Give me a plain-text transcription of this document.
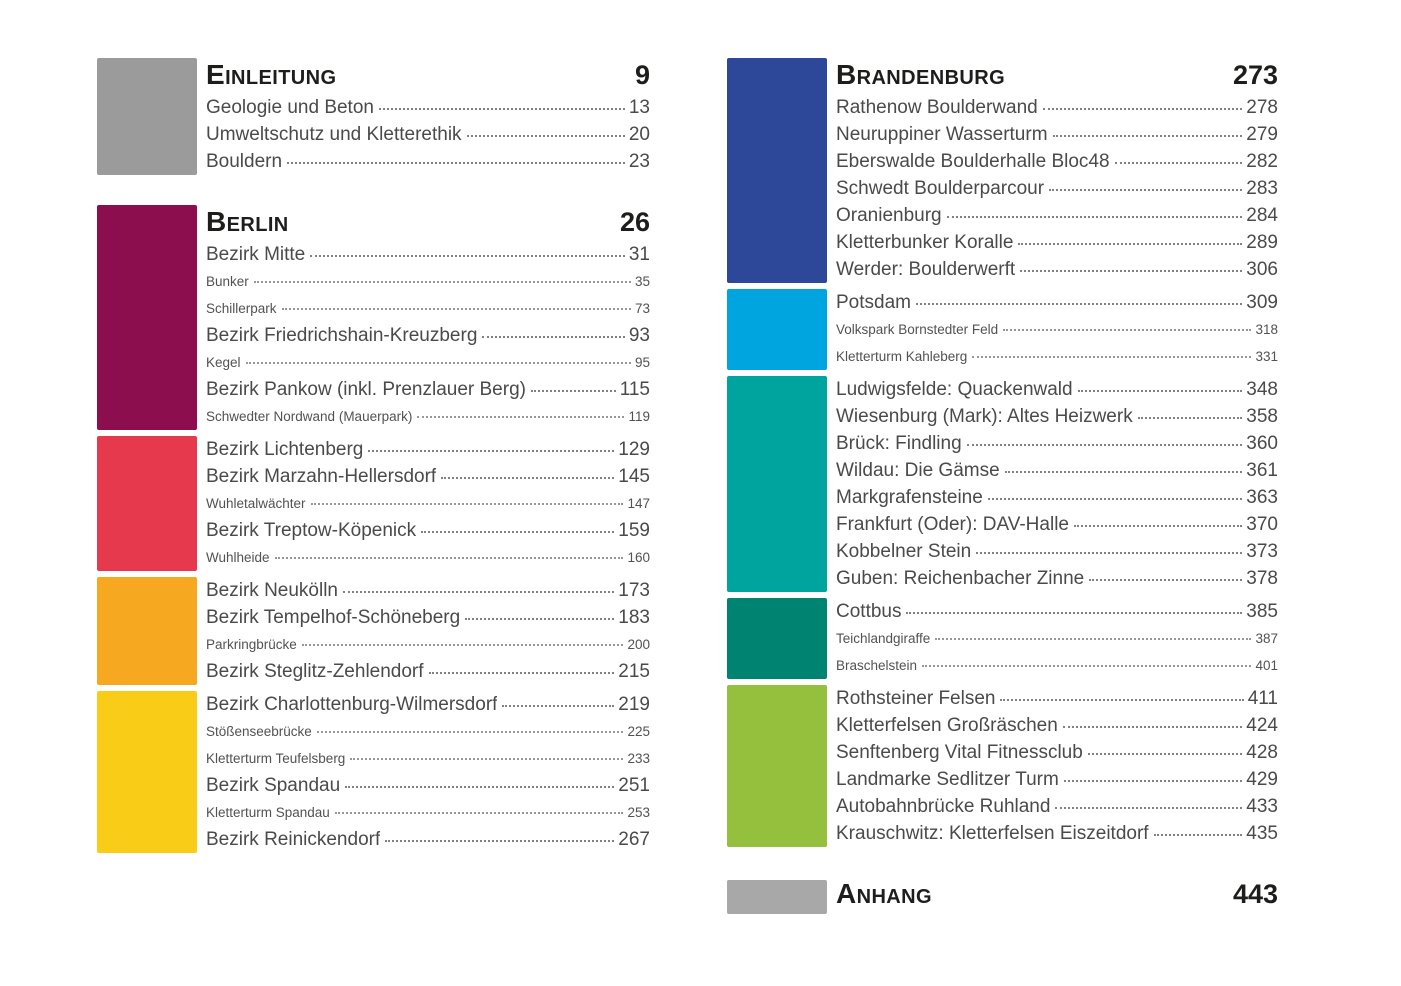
Einleitung	9
Geologie und Beton	13
Umweltschutz und Kletterethik	20
Bouldern	23
Berlin	26
Bezirk Mitte	31
Bunker	35
Schillerpark	73
Bezirk Friedrichshain-Kreuzberg	93
Kegel	95
Bezirk Pankow (inkl. Prenzlauer Berg)	115
Schwedter Nordwand (Mauerpark)	119
Bezirk Lichtenberg	129
Bezirk Marzahn-Hellersdorf	145
Wuhletalwächter	147
Bezirk Treptow-Köpenick	159
Wuhlheide	160
Bezirk Neukölln	173
Bezirk Tempelhof-Schöneberg	183
Parkringbrücke	200
Bezirk Steglitz-Zehlendorf	215
Bezirk Charlottenburg-Wilmersdorf	219
Stößenseebrücke	225
Kletterturm Teufelsberg	233
Bezirk Spandau	251
Kletterturm Spandau	253
Bezirk Reinickendorf	267
Brandenburg	273
Rathenow Boulderwand	278
Neuruppiner Wasserturm	279
Eberswalde Boulderhalle Bloc48	282
Schwedt Boulderparcour	283
Oranienburg	284
Kletterbunker Koralle	289
Werder: Boulderwerft	306
Potsdam	309
Volkspark Bornstedter Feld	318
Kletterturm Kahleberg	331
Ludwigsfelde: Quackenwald	348
Wiesenburg (Mark): Altes Heizwerk	358
Brück: Findling	360
Wildau: Die Gämse	361
Markgrafensteine	363
Frankfurt (Oder): DAV-Halle	370
Kobbelner Stein	373
Guben: Reichenbacher Zinne	378
Cottbus	385
Teichlandgiraffe	387
Braschelstein	401
Rothsteiner Felsen	411
Kletterfelsen Großräschen	424
Senftenberg Vital Fitnessclub	428
Landmarke Sedlitzer Turm	429
Autobahnbrücke Ruhland	433
Krauschwitz: Kletterfelsen Eiszeitdorf	435
Anhang	443
